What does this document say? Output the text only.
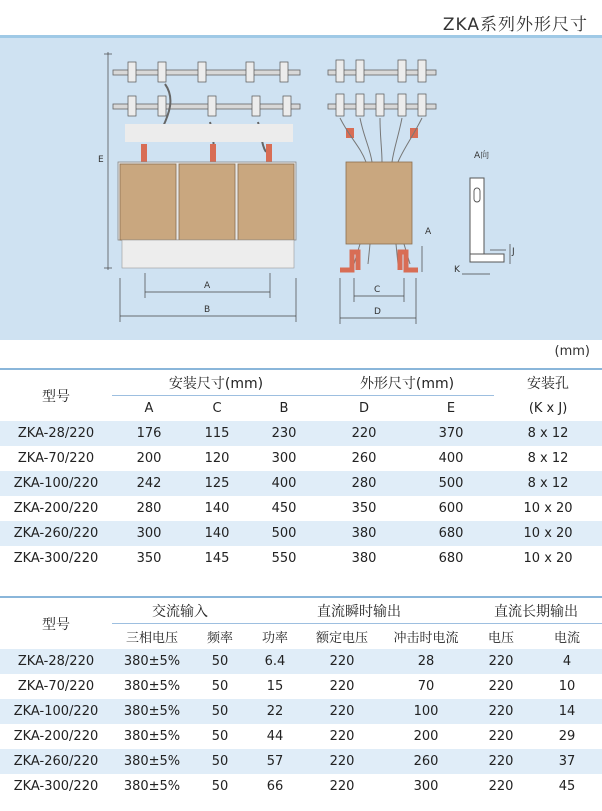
ZKA系列外形尺寸
E
A
B
C
D
A
A向
J
K
(mm)
型号	安装尺寸(mm)			外形尺寸(mm)		安装孔
	A	C	B	D	E	(K x J)
ZKA-28/220	176	115	230	220	370	8 x 12
ZKA-70/220	200	120	300	260	400	8 x 12
ZKA-100/220	242	125	400	280	500	8 x 12
ZKA-200/220	280	140	450	350	600	10 x 20
ZKA-260/220	300	140	500	380	680	10 x 20
ZKA-300/220	350	145	550	380	680	10 x 20
型号	交流输入		直流瞬时输出			直流长期输出	
	三相电压	频率	功率	额定电压	冲击时电流	电压	电流
ZKA-28/220	380±5%	50	6.4	220	28	220	4
ZKA-70/220	380±5%	50	15	220	70	220	10
ZKA-100/220	380±5%	50	22	220	100	220	14
ZKA-200/220	380±5%	50	44	220	200	220	29
ZKA-260/220	380±5%	50	57	220	260	220	37
ZKA-300/220	380±5%	50	66	220	300	220	45
